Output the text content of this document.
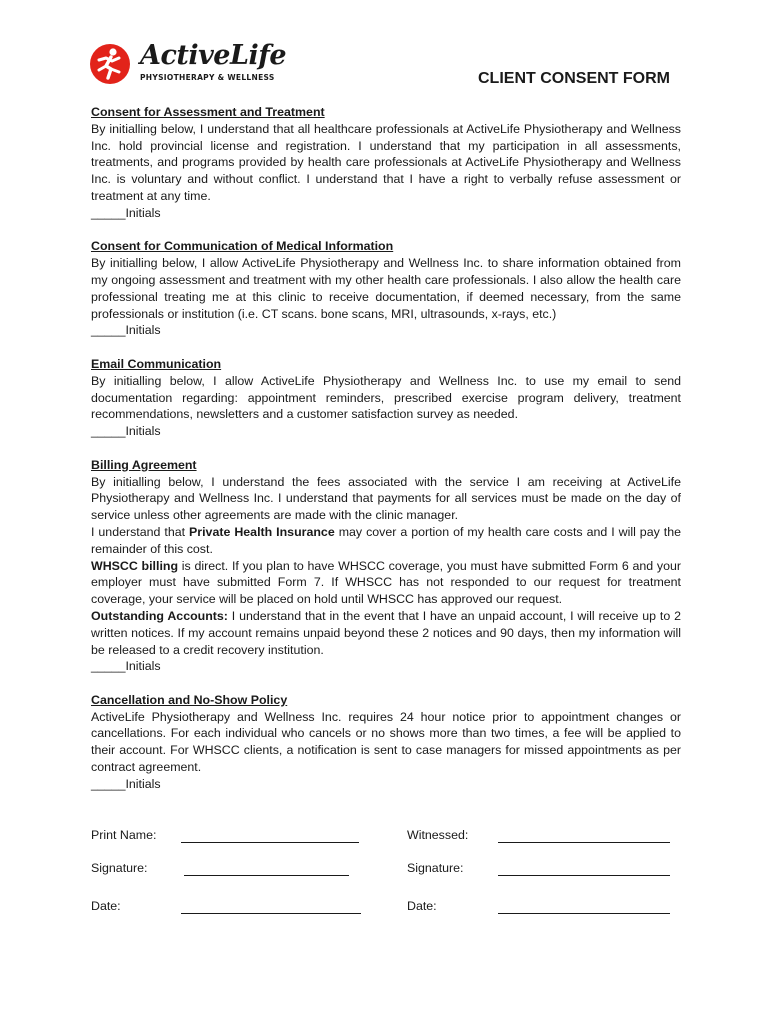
ActiveLife
PHYSIOTHERAPY & WELLNESS	CLIENT CONSENT FORM
Consent for Assessment and Treatment
By initialling below, I understand that all healthcare professionals at ActiveLife Physiotherapy and Wellness Inc. hold provincial license and registration. I understand that my participation in all assessments, treatments, and programs provided by health care professionals at ActiveLife Physiotherapy and Wellness Inc. is voluntary and without conflict. I understand that I have a right to verbally refuse assessment or treatment at any time.
_____Initials
Consent for Communication of Medical Information
By initialling below, I allow ActiveLife Physiotherapy and Wellness Inc. to share information obtained from my ongoing assessment and treatment with my other health care professionals. I also allow the health care professional treating me at this clinic to receive documentation, if deemed necessary, from the same professionals or institution (i.e. CT scans. bone scans, MRI, ultrasounds, x-rays, etc.)
_____Initials
Email Communication
By initialling below, I allow ActiveLife Physiotherapy and Wellness Inc. to use my email to send documentation regarding: appointment reminders, prescribed exercise program delivery, treatment recommendations, newsletters and a customer satisfaction survey as needed.
_____Initials
Billing Agreement
By initialling below, I understand the fees associated with the service I am receiving at ActiveLife Physiotherapy and Wellness Inc. I understand that payments for all services must be made on the day of service unless other agreements are made with the clinic manager.
I understand that Private Health Insurance may cover a portion of my health care costs and I will pay the remainder of this cost.
WHSCC billing is direct. If you plan to have WHSCC coverage, you must have submitted Form 6 and your employer must have submitted Form 7. If WHSCC has not responded to our request for treatment coverage, your service will be placed on hold until WHSCC has approved our request.
Outstanding Accounts: I understand that in the event that I have an unpaid account, I will receive up to 2 written notices. If my account remains unpaid beyond these 2 notices and 90 days, then my information will be released to a credit recovery institution.
_____Initials
Cancellation and No-Show Policy
ActiveLife Physiotherapy and Wellness Inc. requires 24 hour notice prior to appointment changes or cancellations. For each individual who cancels or no shows more than two times, a fee will be applied to their account. For WHSCC clients, a notification is sent to case managers for missed appointments as per contract agreement.
_____Initials
Print Name:	Witnessed:
Signature:	Signature:
Date:	Date:
